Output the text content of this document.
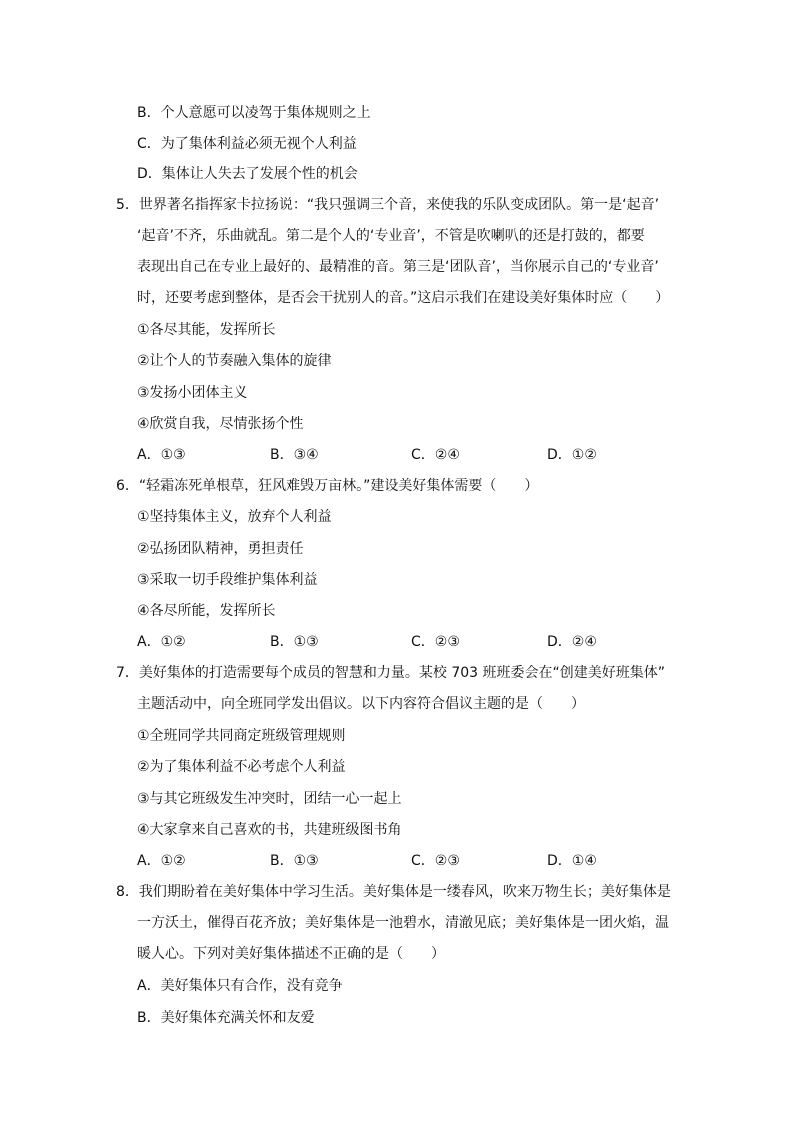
B．个人意愿可以凌驾于集体规则之上
C．为了集体利益必须无视个人利益
D．集体让人失去了发展个性的机会
5．世界著名指挥家卡拉扬说：“我只强调三个音，来使我的乐队变成团队。第一是‘起音’
‘起音’不齐，乐曲就乱。第二是个人的‘专业音’，不管是吹喇叭的还是打鼓的，都要
表现出自己在专业上最好的、最精准的音。第三是‘团队音’，当你展示自己的‘专业音’
时，还要考虑到整体，是否会干扰别人的音。”这启示我们在建设美好集体时应（　　）
①各尽其能，发挥所长
②让个人的节奏融入集体的旋律
③发扬小团体主义
④欣赏自我，尽情张扬个性
A．①③	B．③④	C．②④	D．①②
6．“轻霜冻死单根草，狂风难毁万亩林。”建设美好集体需要（　　）
①坚持集体主义，放弃个人利益
②弘扬团队精神，勇担责任
③采取一切手段维护集体利益
④各尽所能，发挥所长
A．①②	B．①③	C．②③	D．②④
7．美好集体的打造需要每个成员的智慧和力量。某校 703 班班委会在“创建美好班集体”
主题活动中，向全班同学发出倡议。以下内容符合倡议主题的是（　　）
①全班同学共同商定班级管理规则
②为了集体利益不必考虑个人利益
③与其它班级发生冲突时，团结一心一起上
④大家拿来自己喜欢的书，共建班级图书角
A．①②	B．①③	C．②③	D．①④
8．我们期盼着在美好集体中学习生活。美好集体是一缕春风，吹来万物生长；美好集体是
一方沃土，催得百花齐放；美好集体是一池碧水，清澈见底；美好集体是一团火焰，温
暖人心。下列对美好集体描述不正确的是（　　）
A．美好集体只有合作，没有竞争
B．美好集体充满关怀和友爱
